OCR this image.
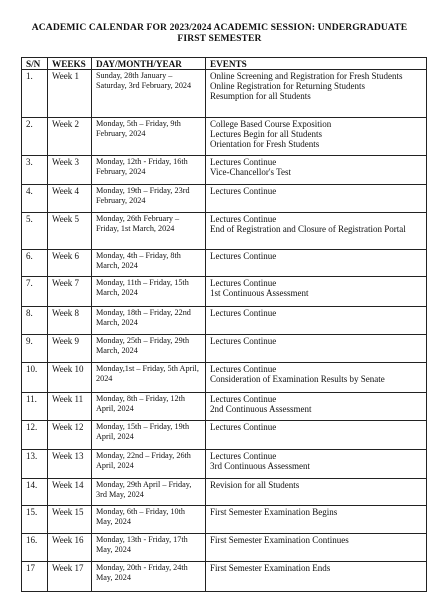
ACADEMIC CALENDAR FOR 2023/2024 ACADEMIC SESSION: UNDERGRADUATE
FIRST SEMESTER
S/N	WEEKS	DAY/MONTH/YEAR	EVENTS
1.	Week 1	Sunday, 28th January – Saturday, 3rd February, 2024	Online Screening and Registration for Fresh Students
Online Registration for Returning Students
Resumption for all Students

2.	Week 2	Monday, 5th – Friday, 9th February, 2024	College Based Course Exposition
Lectures Begin for all Students
Orientation for Fresh Students

3.	Week 3	Monday, 12th - Friday, 16th February, 2024	Lectures Continue
Vice-Chancellor's Test

4.	Week 4	Monday, 19th – Friday, 23rd February, 2024	Lectures Continue

5.	Week 5	Monday, 26th February – Friday, 1st March, 2024	Lectures Continue
End of Registration and Closure of Registration Portal

6.	Week 6	Monday, 4th – Friday, 8th March, 2024	Lectures Continue

7.	Week 7	Monday, 11th – Friday, 15th March, 2024	Lectures Continue
1st Continuous Assessment

8.	Week 8	Monday, 18th – Friday, 22nd March, 2024	Lectures Continue

9.	Week 9	Monday, 25th – Friday, 29th March, 2024	Lectures Continue

10.	Week 10	Monday,1st – Friday, 5th April, 2024	Lectures Continue
Consideration of Examination Results by Senate

11.	Week 11	Monday, 8th – Friday, 12th April, 2024	Lectures Continue
2nd Continuous Assessment

12.	Week 12	Monday, 15th – Friday, 19th April, 2024	Lectures Continue

13.	Week 13	Monday, 22nd – Friday, 26th April, 2024	Lectures Continue
3rd Continuous Assessment

14.	Week 14	Monday, 29th April – Friday, 3rd May, 2024	Revision for all Students

15.	Week 15	Monday, 6th – Friday, 10th May, 2024	First Semester Examination Begins

16.	Week 16	Monday, 13th - Friday, 17th May, 2024	First Semester Examination Continues

17	Week 17	Monday, 20th - Friday, 24th May, 2024	First Semester Examination Ends
